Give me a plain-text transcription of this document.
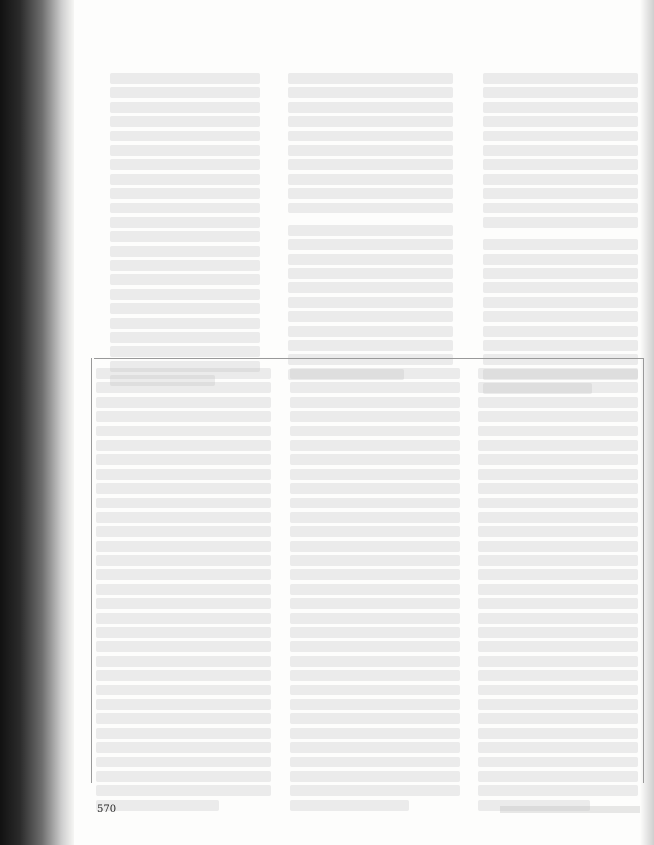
570
